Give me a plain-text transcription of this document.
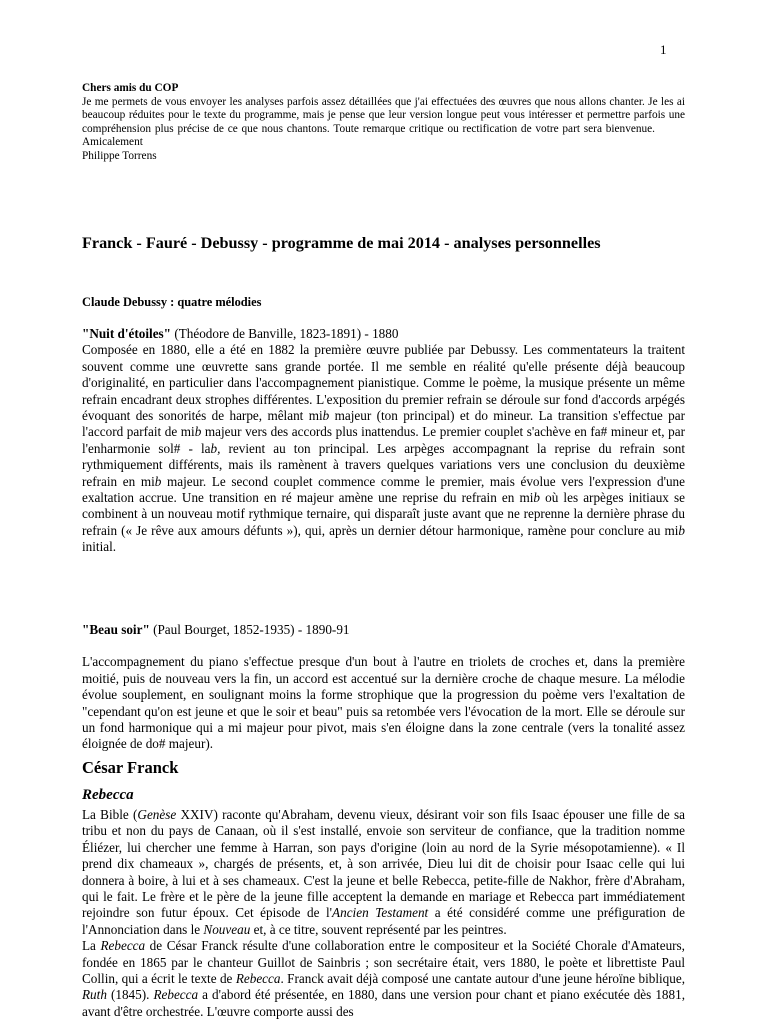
1

Chers amis du COP

Je me permets de vous envoyer les analyses parfois assez détaillées que j'ai effectuées des œuvres que nous allons chanter. Je les ai beaucoup réduites pour le texte du programme, mais je pense que leur version longue peut vous intéresser et permettre parfois une compréhension plus précise de ce que nous chantons. Toute remarque critique ou rectification de votre part sera bienvenue.Amicalement

Philippe Torrens

Franck - Fauré - Debussy - programme de mai 2014 - analyses personnelles
Claude Debussy : quatre mélodies

"Nuit d'étoiles" (Théodore de Banville, 1823-1891) - 1880

Composée en 1880, elle a été en 1882 la première œuvre publiée par Debussy. Les commentateurs la traitent souvent comme une œuvrette sans grande portée. Il me semble en réalité qu'elle présente déjà beaucoup d'originalité, en particulier dans l'accompagnement pianistique. Comme le poème, la musique présente un même refrain encadrant deux strophes différentes. L'exposition du premier refrain se déroule sur fond d'accords arpégés évoquant des sonorités de harpe, mêlant mib majeur (ton principal) et do mineur. La transition s'effectue par l'accord parfait de mib majeur vers des accords plus inattendus. Le premier couplet s'achève en fa# mineur et, par l'enharmonie sol# - lab, revient au ton principal. Les arpèges accompagnant la reprise du refrain sont rythmiquement différents, mais ils ramènent à travers quelques variations vers une conclusion du deuxième refrain en mib majeur. Le second couplet commence comme le premier, mais évolue vers l'expression d'une exaltation accrue. Une transition en ré majeur amène une reprise du refrain en mib où les arpèges initiaux se combinent à un nouveau motif rythmique ternaire, qui disparaît juste avant que ne reprenne la dernière phrase du refrain (« Je rêve aux amours défunts »), qui, après un dernier détour harmonique, ramène pour conclure au mib initial.

"Beau soir" (Paul Bourget, 1852-1935) - 1890-91

L'accompagnement du piano s'effectue presque d'un bout à l'autre en triolets de croches et, dans la première moitié, puis de nouveau vers la fin, un accord est accentué sur la dernière croche de chaque mesure. La mélodie évolue souplement, en soulignant moins la forme strophique que la progression du poème vers l'exaltation de "cependant qu'on est jeune et que le soir et beau" puis sa retombée vers l'évocation de la mort. Elle se déroule sur un fond harmonique qui a mi majeur pour pivot, mais s'en éloigne dans la zone centrale (vers la tonalité assez éloignée de do# majeur).

César Franck
Rebecca

La Bible (Genèse XXIV) raconte qu'Abraham, devenu vieux, désirant voir son fils Isaac épouser une fille de sa tribu et non du pays de Canaan, où il s'est installé, envoie son serviteur de confiance, que la tradition nomme Éliézer, lui chercher une femme à Harran, son pays d'origine (loin au nord de la Syrie mésopotamienne). « Il prend dix chameaux », chargés de présents, et, à son arrivée, Dieu lui dit de choisir pour Isaac celle qui lui donnera à boire, à lui et à ses chameaux. C'est la jeune et belle Rebecca, petite-fille de Nakhor, frère d'Abraham, qui le fait. Le frère et le père de la jeune fille acceptent la demande en mariage et Rebecca part immédiatement rejoindre son futur époux. Cet épisode de l'Ancien Testament a été considéré comme une préfiguration de l'Annonciation dans le Nouveau et, à ce titre, souvent représenté par les peintres.

La Rebecca de César Franck résulte d'une collaboration entre le compositeur et la Société Chorale d'Amateurs, fondée en 1865 par le chanteur Guillot de Sainbris ; son secrétaire était, vers 1880, le poète et librettiste Paul Collin, qui a écrit le texte de Rebecca. Franck avait déjà composé une cantate autour d'une jeune héroïne biblique, Ruth (1845). Rebecca a d'abord été présentée, en 1880, dans une version pour chant et piano exécutée dès 1881, avant d'être orchestrée. L'œuvre comporte aussi des
